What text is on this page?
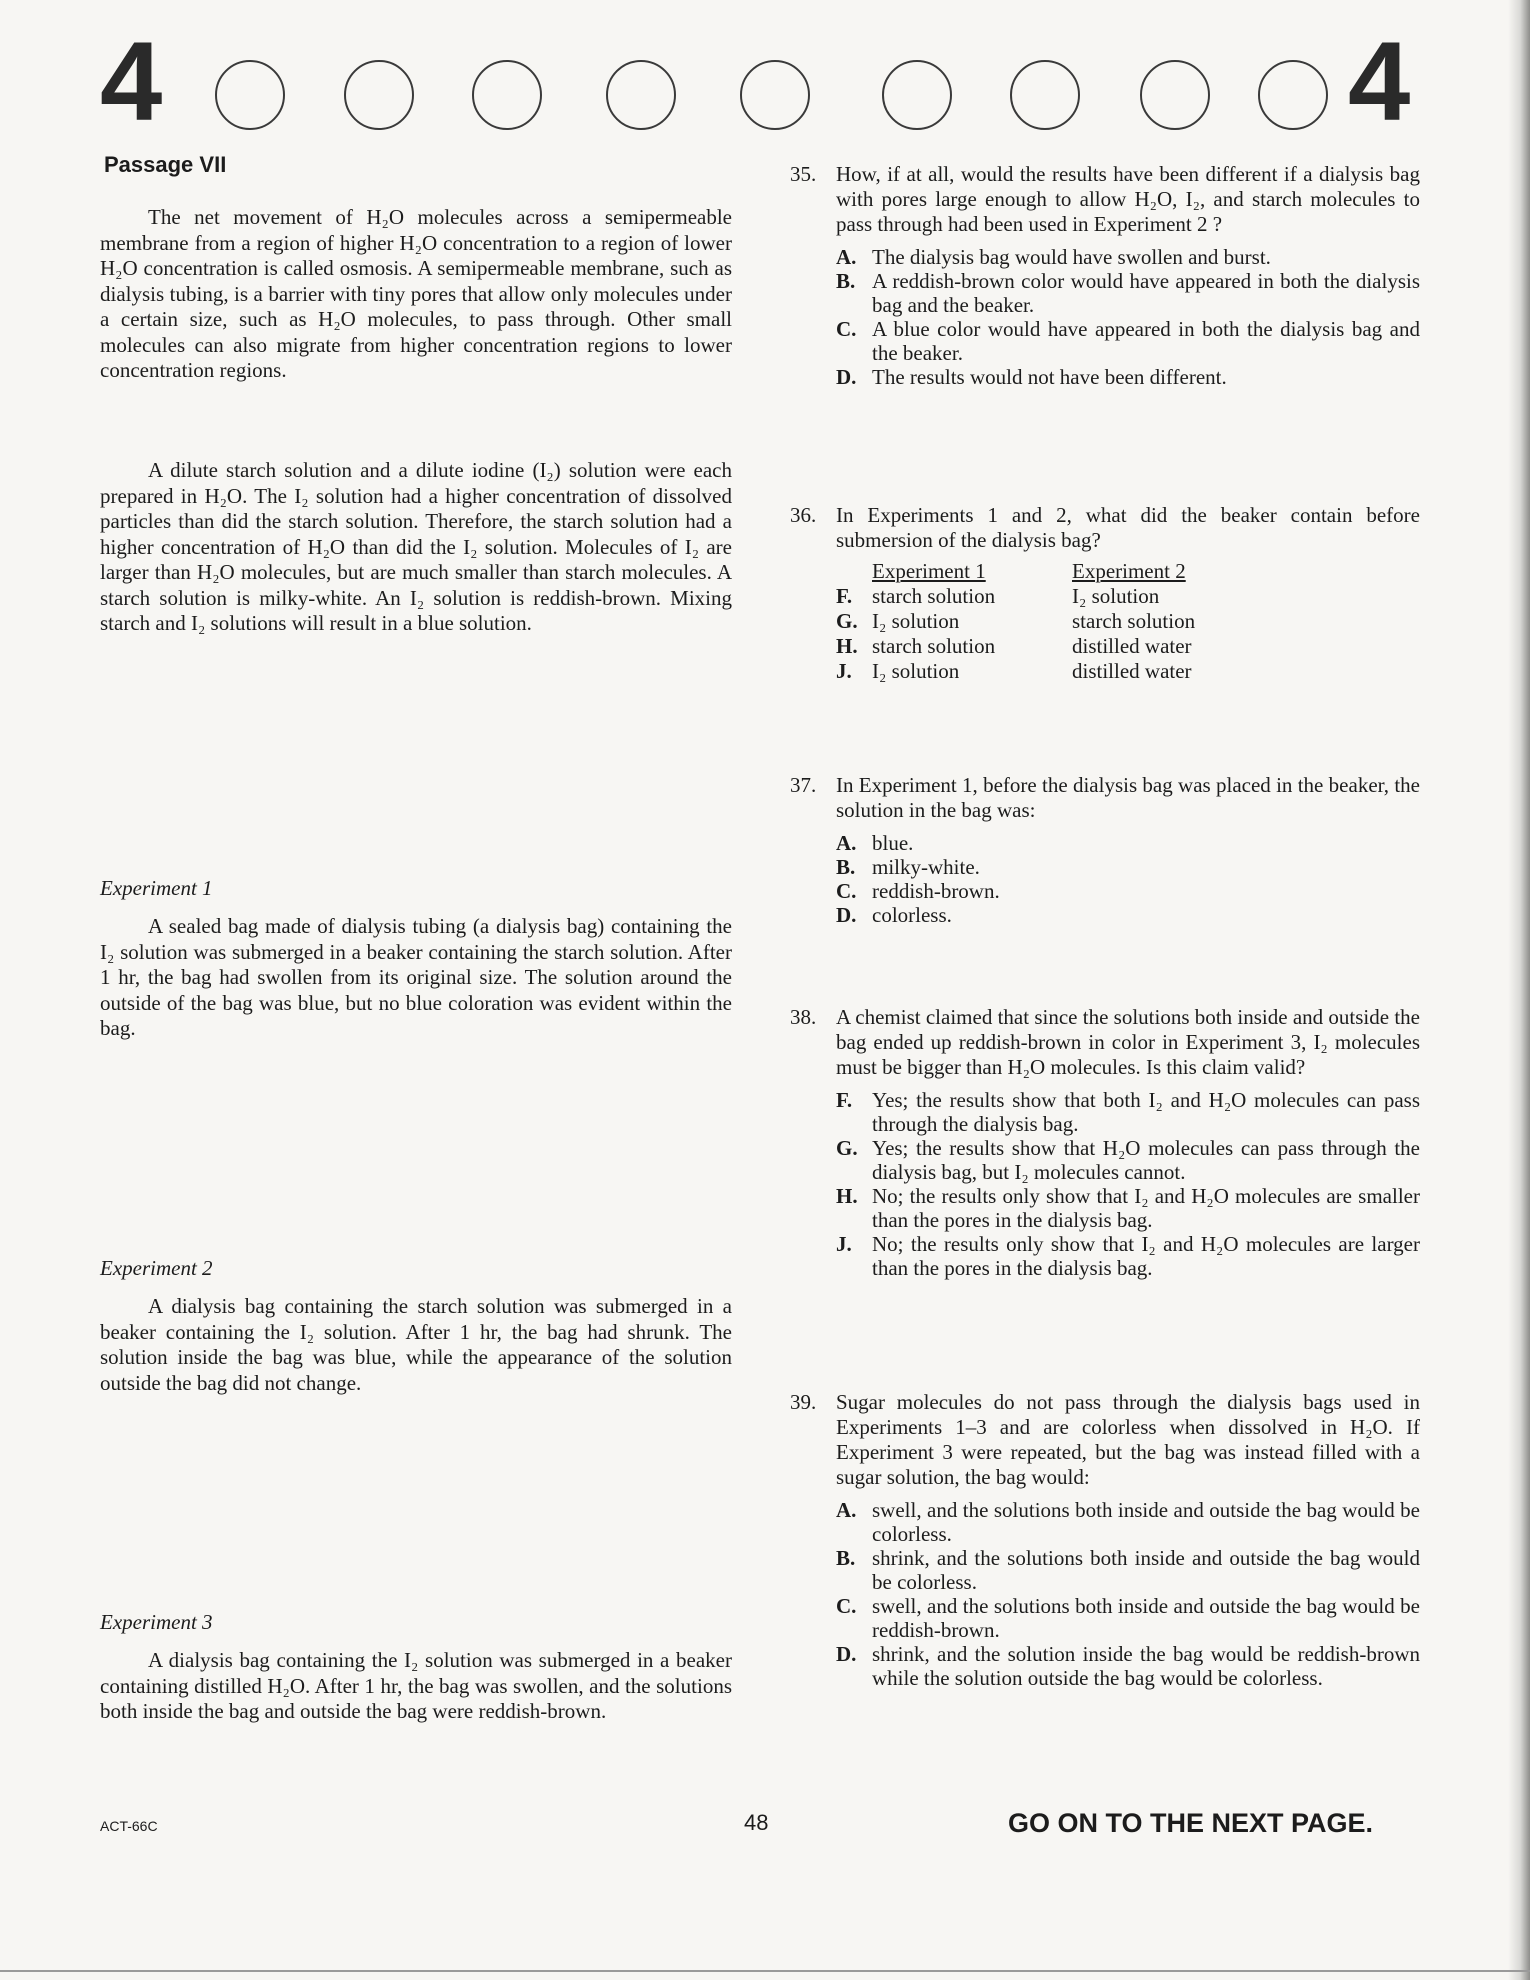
4	4
Passage VII

The net movement of H₂O molecules across a semipermeable membrane from a region of higher H₂O concentration to a region of lower H₂O concentration is called osmosis. A semipermeable membrane, such as dialysis tubing, is a barrier with tiny pores that allow only molecules under a certain size, such as H₂O molecules, to pass through. Other small molecules can also migrate from higher concentration regions to lower concentration regions.

A dilute starch solution and a dilute iodine (I₂) solution were each prepared in H₂O. The I₂ solution had a higher concentration of dissolved particles than did the starch solution. Therefore, the starch solution had a higher concentration of H₂O than did the I₂ solution. Molecules of I₂ are larger than H₂O molecules, but are much smaller than starch molecules. A starch solution is milky-white. An I₂ solution is reddish-brown. Mixing starch and I₂ solutions will result in a blue solution.

Experiment 1

A sealed bag made of dialysis tubing (a dialysis bag) containing the I₂ solution was submerged in a beaker containing the starch solution. After 1 hr, the bag had swollen from its original size. The solution around the outside of the bag was blue, but no blue coloration was evident within the bag.

Experiment 2

A dialysis bag containing the starch solution was submerged in a beaker containing the I₂ solution. After 1 hr, the bag had shrunk. The solution inside the bag was blue, while the appearance of the solution outside the bag did not change.

Experiment 3

A dialysis bag containing the I₂ solution was submerged in a beaker containing distilled H₂O. After 1 hr, the bag was swollen, and the solutions both inside the bag and outside the bag were reddish-brown.

35. How, if at all, would the results have been different if a dialysis bag with pores large enough to allow H₂O, I₂, and starch molecules to pass through had been used in Experiment 2 ?
A. The dialysis bag would have swollen and burst.
B. A reddish-brown color would have appeared in both the dialysis bag and the beaker.
C. A blue color would have appeared in both the dialysis bag and the beaker.
D. The results would not have been different.
36. In Experiments 1 and 2, what did the beaker contain before submersion of the dialysis bag?
Experiment 1	Experiment 2
F. starch solution	I₂ solution
G. I₂ solution	starch solution
H. starch solution	distilled water
J. I₂ solution	distilled water
37. In Experiment 1, before the dialysis bag was placed in the beaker, the solution in the bag was:
A. blue.
B. milky-white.
C. reddish-brown.
D. colorless.
38. A chemist claimed that since the solutions both inside and outside the bag ended up reddish-brown in color in Experiment 3, I₂ molecules must be bigger than H₂O molecules. Is this claim valid?
F. Yes; the results show that both I₂ and H₂O molecules can pass through the dialysis bag.
G. Yes; the results show that H₂O molecules can pass through the dialysis bag, but I₂ molecules cannot.
H. No; the results only show that I₂ and H₂O molecules are smaller than the pores in the dialysis bag.
J. No; the results only show that I₂ and H₂O molecules are larger than the pores in the dialysis bag.
39. Sugar molecules do not pass through the dialysis bags used in Experiments 1–3 and are colorless when dissolved in H₂O. If Experiment 3 were repeated, but the bag was instead filled with a sugar solution, the bag would:
A. swell, and the solutions both inside and outside the bag would be colorless.
B. shrink, and the solutions both inside and outside the bag would be colorless.
C. swell, and the solutions both inside and outside the bag would be reddish-brown.
D. shrink, and the solution inside the bag would be reddish-brown while the solution outside the bag would be colorless.
ACT-66C	48	GO ON TO THE NEXT PAGE.
